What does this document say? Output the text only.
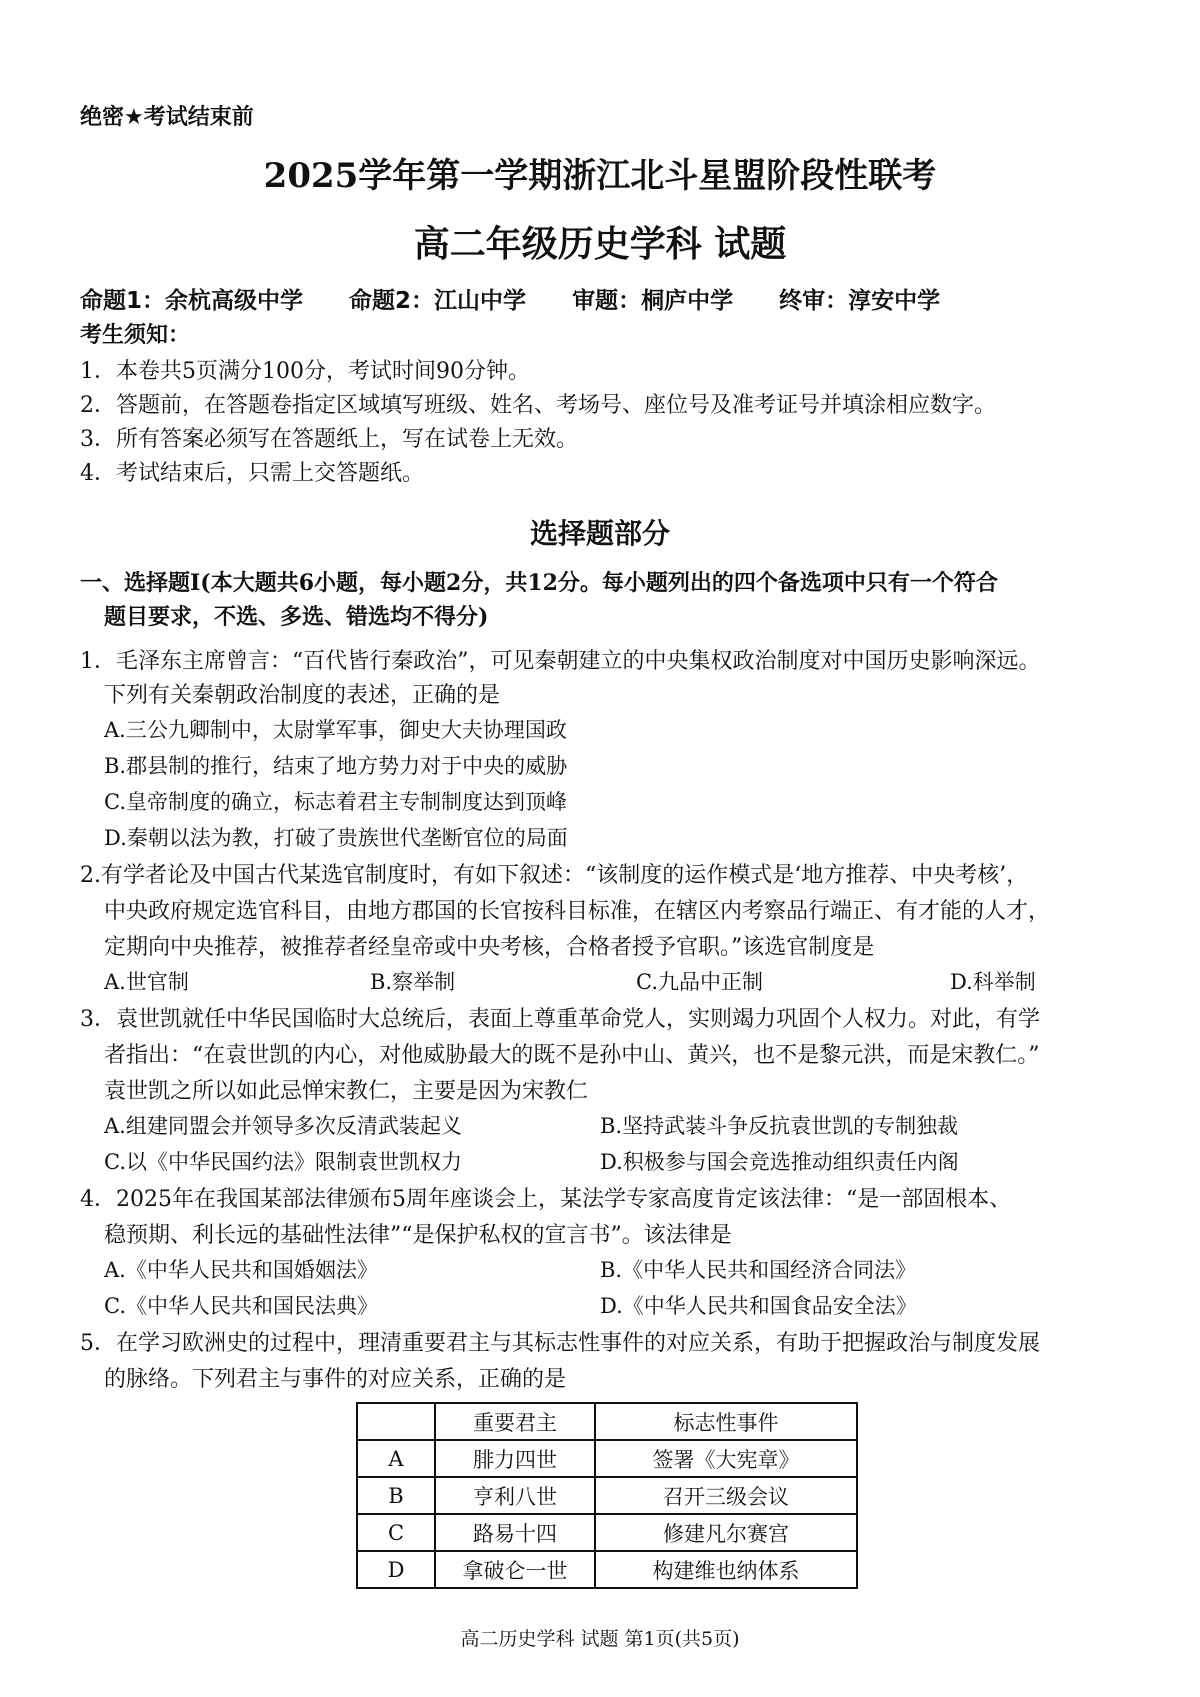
绝密★考试结束前
2025学年第一学期浙江北斗星盟阶段性联考
高二年级历史学科 试题
命题1：余杭高级中学 命题2：江山中学 审题：桐庐中学 终审：淳安中学
考生须知：
1．本卷共5页满分100分，考试时间90分钟。
2．答题前，在答题卷指定区域填写班级、姓名、考场号、座位号及准考证号并填涂相应数字。
3．所有答案必须写在答题纸上，写在试卷上无效。
4．考试结束后，只需上交答题纸。
选择题部分
一、选择题Ⅰ(本大题共6小题，每小题2分，共12分。每小题列出的四个备选项中只有一个符合
题目要求，不选、多选、错选均不得分)
1．毛泽东主席曾言：“百代皆行秦政治”，可见秦朝建立的中央集权政治制度对中国历史影响深远。
下列有关秦朝政治制度的表述，正确的是
A.三公九卿制中，太尉掌军事，御史大夫协理国政
B.郡县制的推行，结束了地方势力对于中央的威胁
C.皇帝制度的确立，标志着君主专制制度达到顶峰
D.秦朝以法为教，打破了贵族世代垄断官位的局面
2.有学者论及中国古代某选官制度时，有如下叙述：“该制度的运作模式是‘地方推荐、中央考核’，
中央政府规定选官科目，由地方郡国的长官按科目标准，在辖区内考察品行端正、有才能的人才，
定期向中央推荐，被推荐者经皇帝或中央考核，合格者授予官职。”该选官制度是
A.世官制	B.察举制	C.九品中正制	D.科举制
3．袁世凯就任中华民国临时大总统后，表面上尊重革命党人，实则竭力巩固个人权力。对此，有学
者指出：“在袁世凯的内心，对他威胁最大的既不是孙中山、黄兴，也不是黎元洪，而是宋教仁。”
袁世凯之所以如此忌惮宋教仁，主要是因为宋教仁
A.组建同盟会并领导多次反清武装起义	B.坚持武装斗争反抗袁世凯的专制独裁
C.以《中华民国约法》限制袁世凯权力	D.积极参与国会竞选推动组织责任内阁
4．2025年在我国某部法律颁布5周年座谈会上，某法学专家高度肯定该法律：“是一部固根本、
稳预期、利长远的基础性法律”“是保护私权的宣言书”。该法律是
A.《中华人民共和国婚姻法》	B.《中华人民共和国经济合同法》
C.《中华人民共和国民法典》	D.《中华人民共和国食品安全法》
5．在学习欧洲史的过程中，理清重要君主与其标志性事件的对应关系，有助于把握政治与制度发展
的脉络。下列君主与事件的对应关系，正确的是
	重要君主	标志性事件
A	腓力四世	签署《大宪章》
B	亨利八世	召开三级会议
C	路易十四	修建凡尔赛宫
D	拿破仑一世	构建维也纳体系
高二历史学科 试题 第1页(共5页)
